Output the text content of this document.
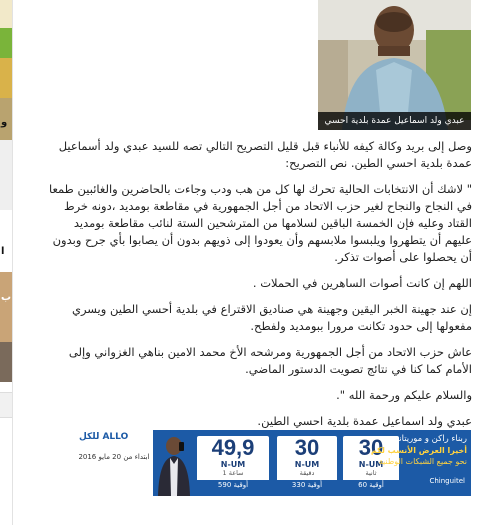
و
ا
ب
عبدي ولد اسماعيل عمدة بلدية احسي

وصل إلى بريد وكالة كيفه للأنباء قبل قليل التصريح التالي تصه للسيد عبدي ولد أسماعيل عمدة بلدية احسي الطين. نص التصريح:

" لاشك أن الانتخابات الحالية تحرك لها كل من هب ودب وجاءت بالحاضرين والغائبين طمعا في النجاح والنجاح لغير حزب الاتحاد من أجل الجمهورية في مقاطعة بومديد ،دونه خرط القتاد وعليه فإن الخمسة الباقين لسلامها من المترشحين الستة لنائب مقاطعة بومديد عليهم أن يتطهروا ويلبسوا ملابسهم وأن يعودوا إلى ذويهم بدون أن يصابوا بأي جرح وبدون أن يحصلوا على أصوات تذكر.

اللهم إن كانت أصوات الساهرين في الحملات .

إن عند جهينة الخبر اليقين وجهينة هي صناديق الاقتراع في بلدية أحسي الطين ويسري مفعولها إلى حدود تكانت مرورا ببومديد ولفطح.

عاش حزب الاتحاد من أجل الجمهورية ومرشحه الأخ محمد الامين بناهي الغزواني وإلى الأمام كما كنا في نتائج تصويت الدستور الماضي.

والسلام عليكم ورحمة الله ".

عبدي ولد اسماعيل عمدة بلدية احسي الطين.

ALLO للكل
ابتداء من 20 مايو 2016	49,9
N-UM
ساعة 1
590 أوقية
30
N-UM
دقيقة
330 أوقية
30
N-UM
ثانية
60 أوقية
ربناء راكن و موريتاني
أخيرا العرض الأنسب لكم
نحو جميع الشبكات الوطنية
Chinguitel
